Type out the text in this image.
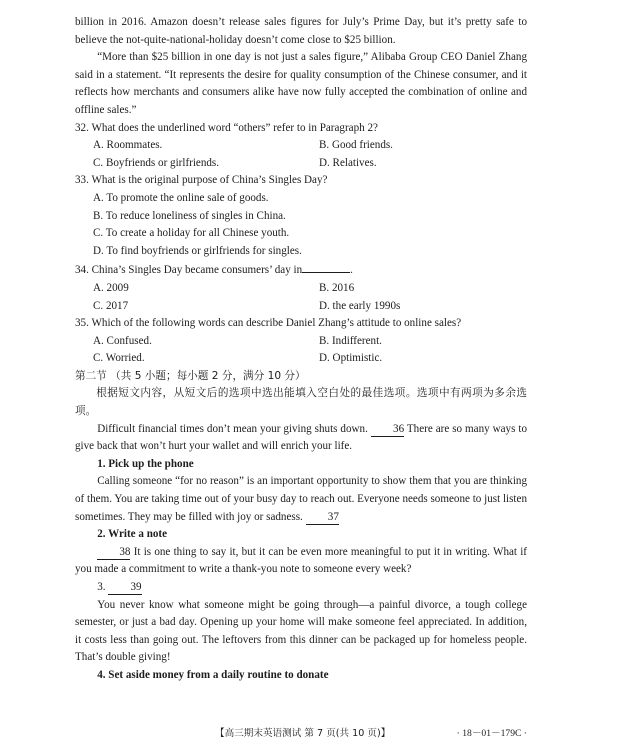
billion in 2016. Amazon doesn’t release sales figures for July’s Prime Day, but it’s pretty safe to believe the not-quite-national-holiday doesn’t come close to $25 billion.

“More than $25 billion in one day is not just a sales figure,” Alibaba Group CEO Daniel Zhang said in a statement. “It represents the desire for quality consumption of the Chinese consumer, and it reflects how merchants and consumers alike have now fully accepted the combination of online and offline sales.”

32. What does the underlined word “others” refer to in Paragraph 2?

A. Roommates.	B. Good friends.

C. Boyfriends or girlfriends.	D. Relatives.

33. What is the original purpose of China’s Singles Day?

A. To promote the online sale of goods.

B. To reduce loneliness of singles in China.

C. To create a holiday for all Chinese youth.

D. To find boyfriends or girlfriends for singles.

34. China’s Singles Day became consumers’ day in	.

A. 2009	B. 2016

C. 2017	D. the early 1990s

35. Which of the following words can describe Daniel Zhang’s attitude to online sales?

A. Confused.	B. Indifferent.

C. Worried.	D. Optimistic.

第二节 （共 5 小题；每小题 2 分，满分 10 分）

根据短文内容，从短文后的选项中选出能填入空白处的最佳选项。选项中有两项为多余选项。

Difficult financial times don’t mean your giving shuts down. 36 There are so many ways to give back that won’t hurt your wallet and will enrich your life.

1. Pick up the phone

Calling someone “for no reason” is an important opportunity to show them that you are thinking of them. You are taking time out of your busy day to reach out. Everyone needs someone to just listen sometimes. They may be filled with joy or sadness. 37

2. Write a note

38 It is one thing to say it, but it can be even more meaningful to put it in writing. What if you made a commitment to write a thank-you note to someone every week?

3. 39

You never know what someone might be going through—a painful divorce, a tough college semester, or just a bad day. Opening up your home will make someone feel appreciated. In addition, it costs less than going out. The leftovers from this dinner can be packaged up for homeless people. That’s double giving!

4. Set aside money from a daily routine to donate

【高三期末英语测试 第 7 页(共 10 页)】	· 18－01－179C ·
